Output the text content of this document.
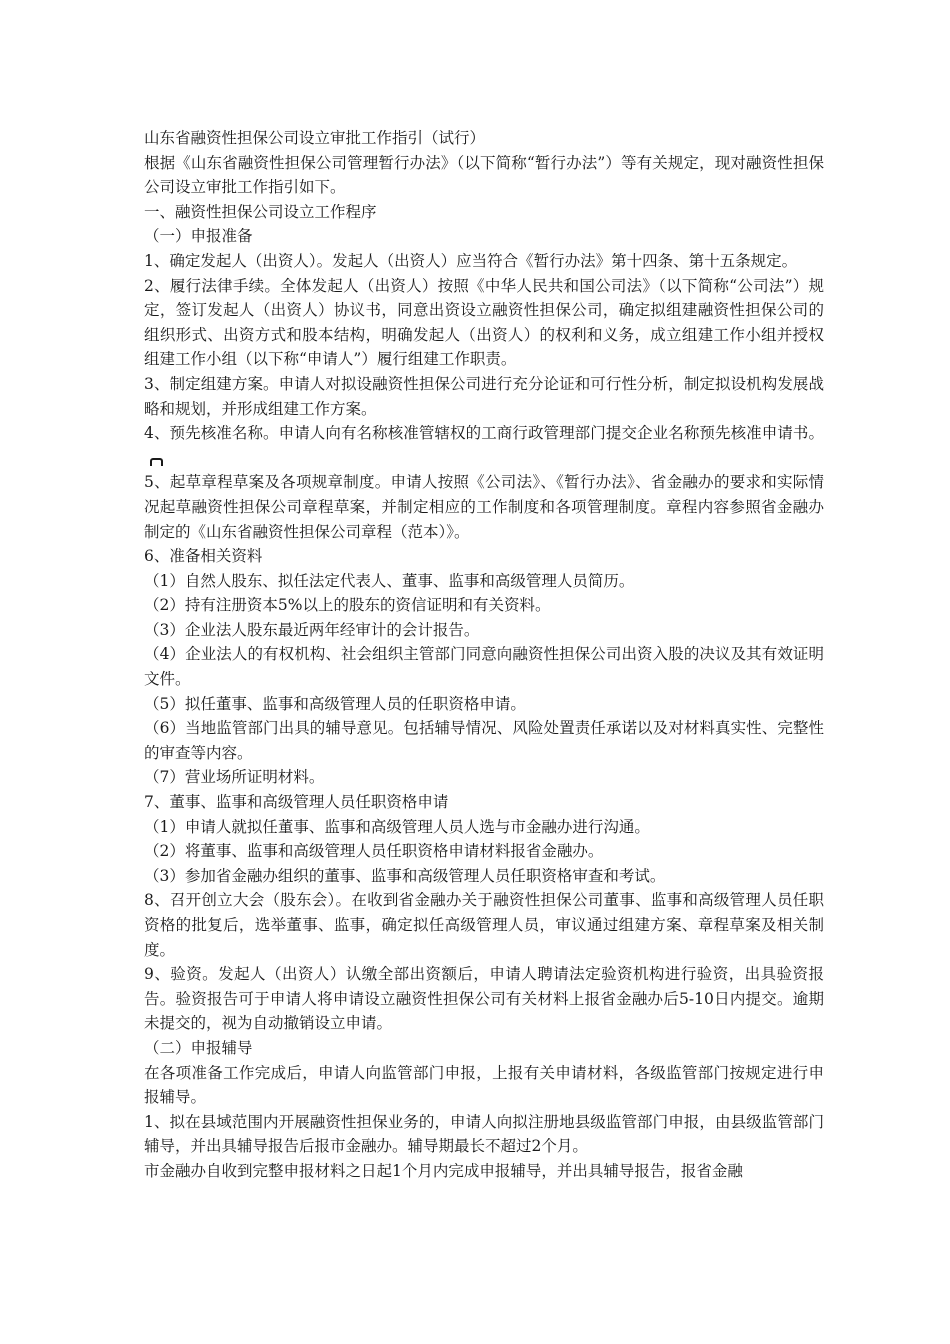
山东省融资性担保公司设立审批工作指引（试行）

根据《山东省融资性担保公司管理暂行办法》（以下简称“暂行办法”）等有关规定，现对融资性担保公司设立审批工作指引如下。

一、融资性担保公司设立工作程序

（一）申报准备

1、确定发起人（出资人）。发起人（出资人）应当符合《暂行办法》第十四条、第十五条规定。

2、履行法律手续。全体发起人（出资人）按照《中华人民共和国公司法》（以下简称“公司法”）规定，签订发起人（出资人）协议书，同意出资设立融资性担保公司，确定拟组建融资性担保公司的组织形式、出资方式和股本结构，明确发起人（出资人）的权利和义务，成立组建工作小组并授权组建工作小组（以下称“申请人”）履行组建工作职责。

3、制定组建方案。申请人对拟设融资性担保公司进行充分论证和可行性分析，制定拟设机构发展战略和规划，并形成组建工作方案。

4、预先核准名称。申请人向有名称核准管辖权的工商行政管理部门提交企业名称预先核准申请书。

5、起草章程草案及各项规章制度。申请人按照《公司法》、《暂行办法》、省金融办的要求和实际情况起草融资性担保公司章程草案，并制定相应的工作制度和各项管理制度。章程内容参照省金融办制定的《山东省融资性担保公司章程（范本）》。

6、准备相关资料

（1）自然人股东、拟任法定代表人、董事、监事和高级管理人员简历。

（2）持有注册资本5%以上的股东的资信证明和有关资料。

（3）企业法人股东最近两年经审计的会计报告。

（4）企业法人的有权机构、社会组织主管部门同意向融资性担保公司出资入股的决议及其有效证明文件。

（5）拟任董事、监事和高级管理人员的任职资格申请。

（6）当地监管部门出具的辅导意见。包括辅导情况、风险处置责任承诺以及对材料真实性、完整性的审查等内容。

（7）营业场所证明材料。

7、董事、监事和高级管理人员任职资格申请

（1）申请人就拟任董事、监事和高级管理人员人选与市金融办进行沟通。

（2）将董事、监事和高级管理人员任职资格申请材料报省金融办。

（3）参加省金融办组织的董事、监事和高级管理人员任职资格审查和考试。

8、召开创立大会（股东会）。在收到省金融办关于融资性担保公司董事、监事和高级管理人员任职资格的批复后，选举董事、监事，确定拟任高级管理人员，审议通过组建方案、章程草案及相关制度。

9、验资。发起人（出资人）认缴全部出资额后，申请人聘请法定验资机构进行验资，出具验资报告。验资报告可于申请人将申请设立融资性担保公司有关材料上报省金融办后5-10日内提交。逾期未提交的，视为自动撤销设立申请。

（二）申报辅导

在各项准备工作完成后，申请人向监管部门申报，上报有关申请材料，各级监管部门按规定进行申报辅导。

1、拟在县域范围内开展融资性担保业务的，申请人向拟注册地县级监管部门申报，由县级监管部门辅导，并出具辅导报告后报市金融办。辅导期最长不超过2个月。

市金融办自收到完整申报材料之日起1个月内完成申报辅导，并出具辅导报告，报省金融
